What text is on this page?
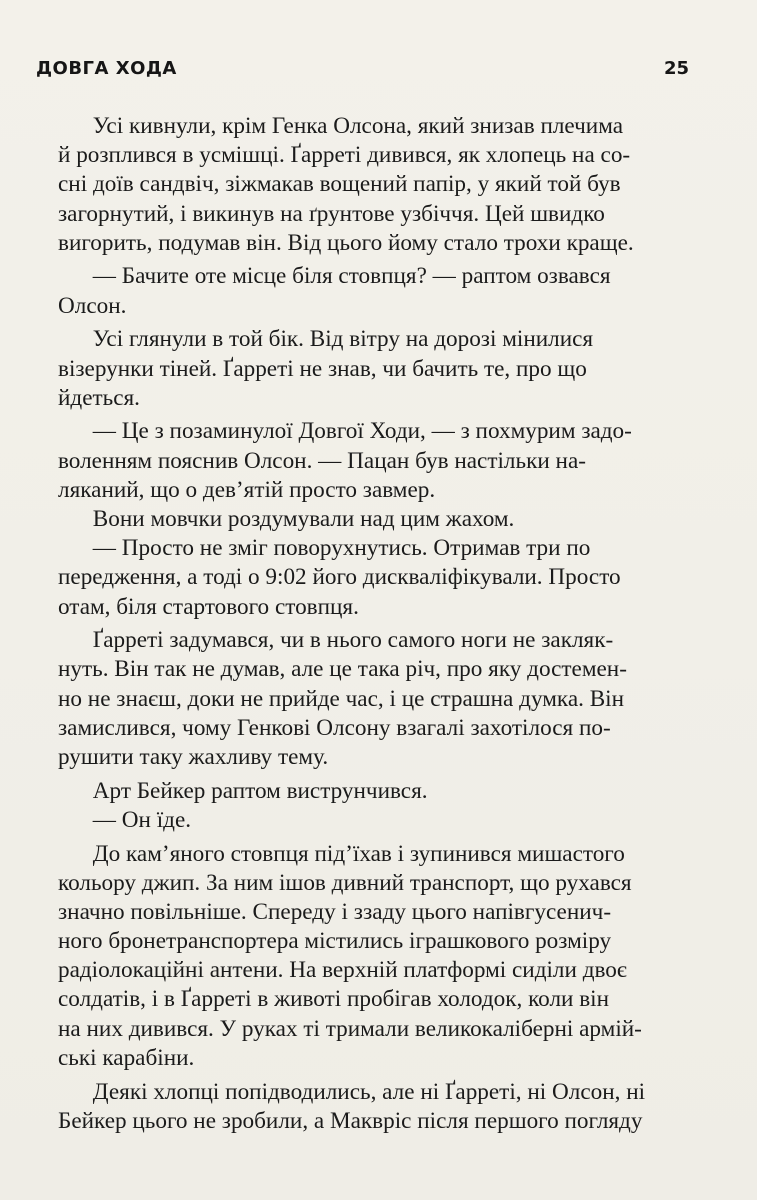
ДОВГА ХОДА	25
  Усі кивнули, крім Генка Олсона, який знизав плечима
й розплився в усмішці. Ґарреті дивився, як хлопець на со-
сні доїв сандвіч, зіжмакав вощений папір, у який той був
загорнутий, і викинув на ґрунтове узбіччя. Цей швидко
вигорить, подумав він. Від цього йому стало трохи краще.
  — Бачите оте місце біля стовпця? — раптом озвався
Олсон.
  Усі глянули в той бік. Від вітру на дорозі мінилися
візерунки тіней. Ґарреті не знав, чи бачить те, про що
йдеться.
  — Це з позаминулої Довгої Ходи, — з похмурим задо-
воленням пояснив Олсон. — Пацан був настільки на-
ляканий, що о дев’ятій просто завмер.
  Вони мовчки роздумували над цим жахом.
  — Просто не зміг поворухнутись. Отримав три по
передження, а тоді о 9:02 його дискваліфікували. Просто
отам, біля стартового стовпця.
  Ґарреті задумався, чи в нього самого ноги не закляк-
нуть. Він так не думав, але це така річ, про яку достемен-
но не знаєш, доки не прийде час, і це страшна думка. Він
замислився, чому Генкові Олсону взагалі захотілося по-
рушити таку жахливу тему.
  Арт Бейкер раптом виструнчився.
  — Он їде.
  До кам’яного стовпця під’їхав і зупинився мишастого
кольору джип. За ним ішов дивний транспорт, що рухався
значно повільніше. Спереду і ззаду цього напівгусенич-
ного бронетранспортера містились іграшкового розміру
радіолокаційні антени. На верхній платформі сиділи двоє
солдатів, і в Ґарреті в животі пробігав холодок, коли він
на них дивився. У руках ті тримали великокаліберні армій-
ські карабіни.
  Деякі хлопці попідводились, але ні Ґарреті, ні Олсон, ні
Бейкер цього не зробили, а Маквріс після першого погляду
